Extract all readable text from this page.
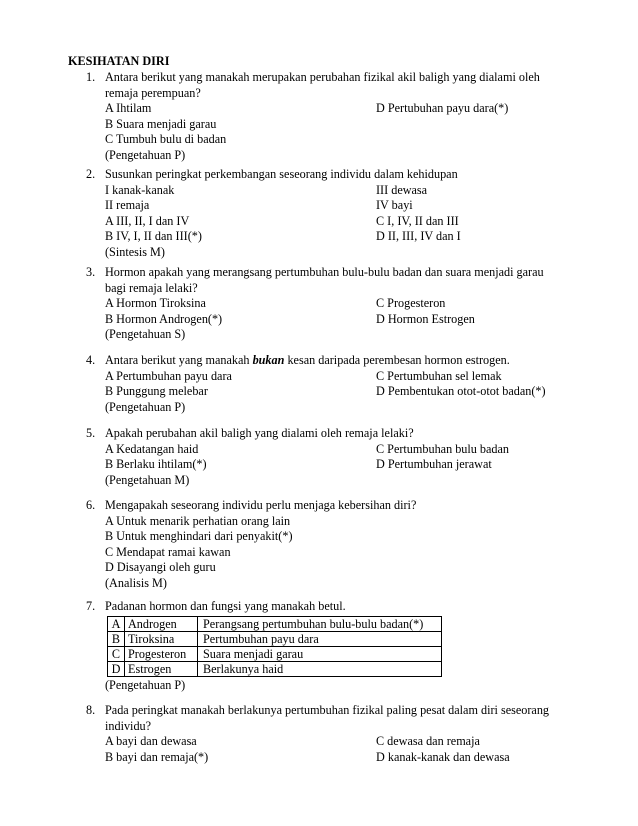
KESIHATAN DIRI
1. Antara berikut yang manakah merupakan perubahan fizikal akil baligh yang dialami oleh
remaja perempuan?
A Ihtilam	D Pertubuhan payu dara(*)
B Suara menjadi garau
C Tumbuh bulu di badan
(Pengetahuan P)
2. Susunkan peringkat perkembangan seseorang individu dalam kehidupan
I kanak-kanak	III dewasa
II remaja	IV bayi
A III, II, I dan IV	C I, IV, II dan III
B IV, I, II dan III(*)	D II, III, IV dan I
(Sintesis M)
3. Hormon apakah yang merangsang pertumbuhan bulu-bulu badan dan suara menjadi garau
bagi remaja lelaki?
A Hormon Tiroksina	C Progesteron
B Hormon Androgen(*)	D Hormon Estrogen
(Pengetahuan S)
4. Antara berikut yang manakah bukan kesan daripada perembesan hormon estrogen.
A Pertumbuhan payu dara	C Pertumbuhan sel lemak
B Punggung melebar	D Pembentukan otot-otot badan(*)
(Pengetahuan P)
5. Apakah perubahan akil baligh yang dialami oleh remaja lelaki?
A Kedatangan haid	C Pertumbuhan bulu badan
B Berlaku ihtilam(*)	D Pertumbuhan jerawat
(Pengetahuan M)
6. Mengapakah seseorang individu perlu menjaga kebersihan diri?
A Untuk menarik perhatian orang lain
B Untuk menghindari dari penyakit(*)
C Mendapat ramai kawan
D Disayangi oleh guru
(Analisis M)
7. Padanan hormon dan fungsi yang manakah betul.
A	Androgen	Perangsang pertumbuhan bulu-bulu badan(*)
B	Tiroksina	Pertumbuhan payu dara
C	Progesteron	Suara menjadi garau
D	Estrogen	Berlakunya haid
(Pengetahuan P)
8. Pada peringkat manakah berlakunya pertumbuhan fizikal paling pesat dalam diri seseorang
individu?
A bayi dan dewasa	C dewasa dan remaja
B bayi dan remaja(*)	D kanak-kanak dan dewasa
